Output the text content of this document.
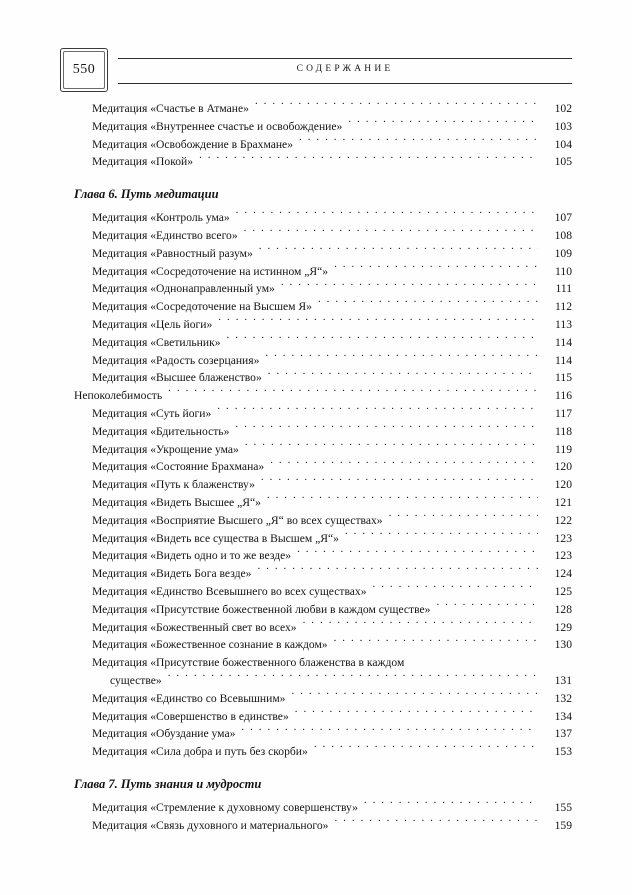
550	СОДЕРЖАНИЕ
Медитация «Счастье в Атмане» . . .	102
Медитация «Внутреннее счастье и освобождение» . . .	103
Медитация «Освобождение в Брахмане» . . .	104
Медитация «Покой» . . .	105
Глава 6. Путь медитации
Медитация «Контроль ума» . . .	107
Медитация «Единство всего» . . .	108
Медитация «Равностный разум» . . .	109
Медитация «Сосредоточение на истинном „Я“» . . .	110
Медитация «Однонаправленный ум» . . .	111
Медитация «Сосредоточение на Высшем Я» . . .	112
Медитация «Цель йоги» . . .	113
Медитация «Светильник» . . .	114
Медитация «Радость созерцания» . . .	114
Медитация «Высшее блаженство» . . .	115
Непоколебимость . . .	116
Медитация «Суть йоги» . . .	117
Медитация «Бдительность» . . .	118
Медитация «Укрощение ума» . . .	119
Медитация «Состояние Брахмана» . . .	120
Медитация «Путь к блаженству» . . .	120
Медитация «Видеть Высшее „Я“» . . .	121
Медитация «Восприятие Высшего „Я“ во всех существах» . . .	122
Медитация «Видеть все существа в Высшем „Я“» . . .	123
Медитация «Видеть одно и то же везде» . . .	123
Медитация «Видеть Бога везде» . . .	124
Медитация «Единство Всевышнего во всех существах» . . .	125
Медитация «Присутствие божественной любви в каждом существе» . . .	128
Медитация «Божественный свет во всех» . . .	129
Медитация «Божественное сознание в каждом» . . .	130
Медитация «Присутствие божественного блаженства в каждом
существе» . . .	131
Медитация «Единство со Всевышним» . . .	132
Медитация «Совершенство в единстве» . . .	134
Медитация «Обуздание ума» . . .	137
Медитация «Сила добра и путь без скорби» . . .	153
Глава 7. Путь знания и мудрости
Медитация «Стремление к духовному совершенству» . . .	155
Медитация «Связь духовного и материального» . . .	159
